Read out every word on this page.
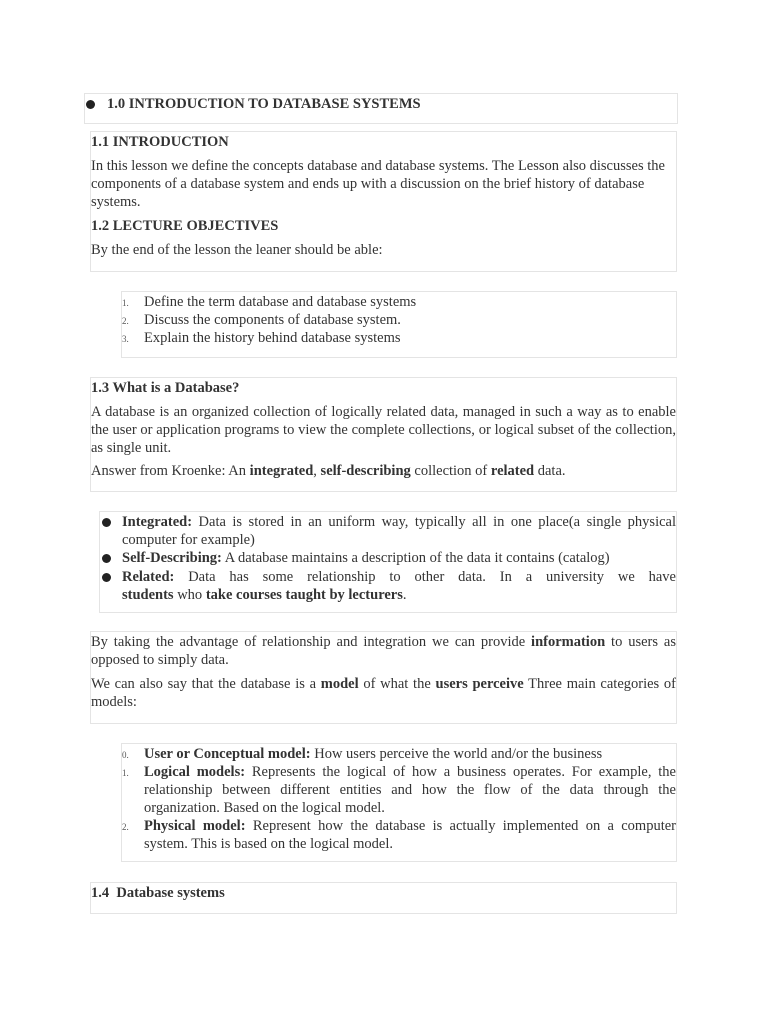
1.0 INTRODUCTION TO DATABASE SYSTEMS
1.1 INTRODUCTION

In this lesson we define the concepts database and database systems. The Lesson also discusses the components of a database system and ends up with a discussion on the brief history of database systems.

1.2 LECTURE OBJECTIVES

By the end of the lesson the leaner should be able:

1. Define the term database and database systems
2. Discuss the components of database system.
3. Explain the history behind database systems
1.3 What is a Database?

A database is an organized collection of logically related data, managed in such a way as to enable the user or application programs to view the complete collections, or logical subset of the collection, as single unit.

Answer from Kroenke: An integrated, self-describing collection of related data.

Integrated: Data is stored in an uniform way, typically all in one place(a single physical computer for example)
Self-Describing: A database maintains a description of the data it contains (catalog)
Related: Data has some relationship to other data. In a university we have
students who take courses taught by lecturers.

By taking the advantage of relationship and integration we can provide information to users as opposed to simply data.

We can also say that the database is a model of what the users perceive Three main categories of models:

0. User or Conceptual model: How users perceive the world and/or the business
1. Logical models: Represents the logical of how a business operates. For example, the relationship between different entities and how the flow of the data through the organization. Based on the logical model.
2. Physical model: Represent how the database is actually implemented on a computer system. This is based on the logical model.
1.4  Database systems
